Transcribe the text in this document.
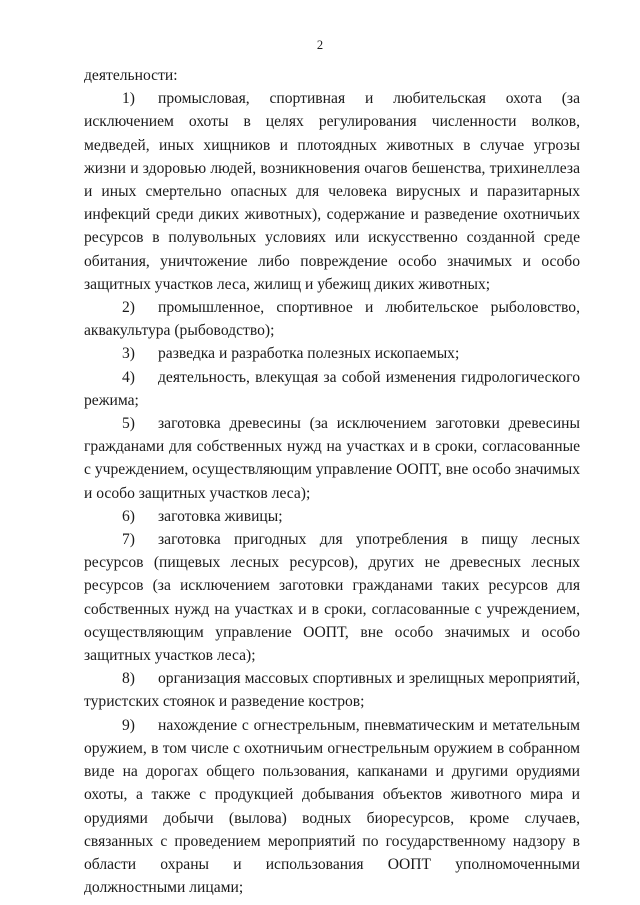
2

деятельности:

1) промысловая, спортивная и любительская охота (за исключением охоты в целях регулирования численности волков, медведей, иных хищников и плотоядных животных в случае угрозы жизни и здоровью людей, возникновения очагов бешенства, трихинеллеза и иных смертельно опасных для человека вирусных и паразитарных инфекций среди диких животных), содержание и разведение охотничьих ресурсов в полувольных условиях или искусственно созданной среде обитания, уничтожение либо повреждение особо значимых и особо защитных участков леса, жилищ и убежищ диких животных;

2) промышленное, спортивное и любительское рыболовство, аквакультура (рыбоводство);

3) разведка и разработка полезных ископаемых;

4) деятельность, влекущая за собой изменения гидрологического режима;

5) заготовка древесины (за исключением заготовки древесины гражданами для собственных нужд на участках и в сроки, согласованные с учреждением, осуществляющим управление ООПТ, вне особо значимых и особо защитных участков леса);

6) заготовка живицы;

7) заготовка пригодных для употребления в пищу лесных ресурсов (пищевых лесных ресурсов), других не древесных лесных ресурсов (за исключением заготовки гражданами таких ресурсов для собственных нужд на участках и в сроки, согласованные с учреждением, осуществляющим управление ООПТ, вне особо значимых и особо защитных участков леса);

8) организация массовых спортивных и зрелищных мероприятий, туристских стоянок и разведение костров;

9) нахождение с огнестрельным, пневматическим и метательным оружием, в том числе с охотничьим огнестрельным оружием в собранном виде на дорогах общего пользования, капканами и другими орудиями охоты, а также с продукцией добывания объектов животного мира и орудиями добычи (вылова) водных биоресурсов, кроме случаев, связанных с проведением мероприятий по государственному надзору в области охраны и использования ООПТ уполномоченными должностными лицами;
